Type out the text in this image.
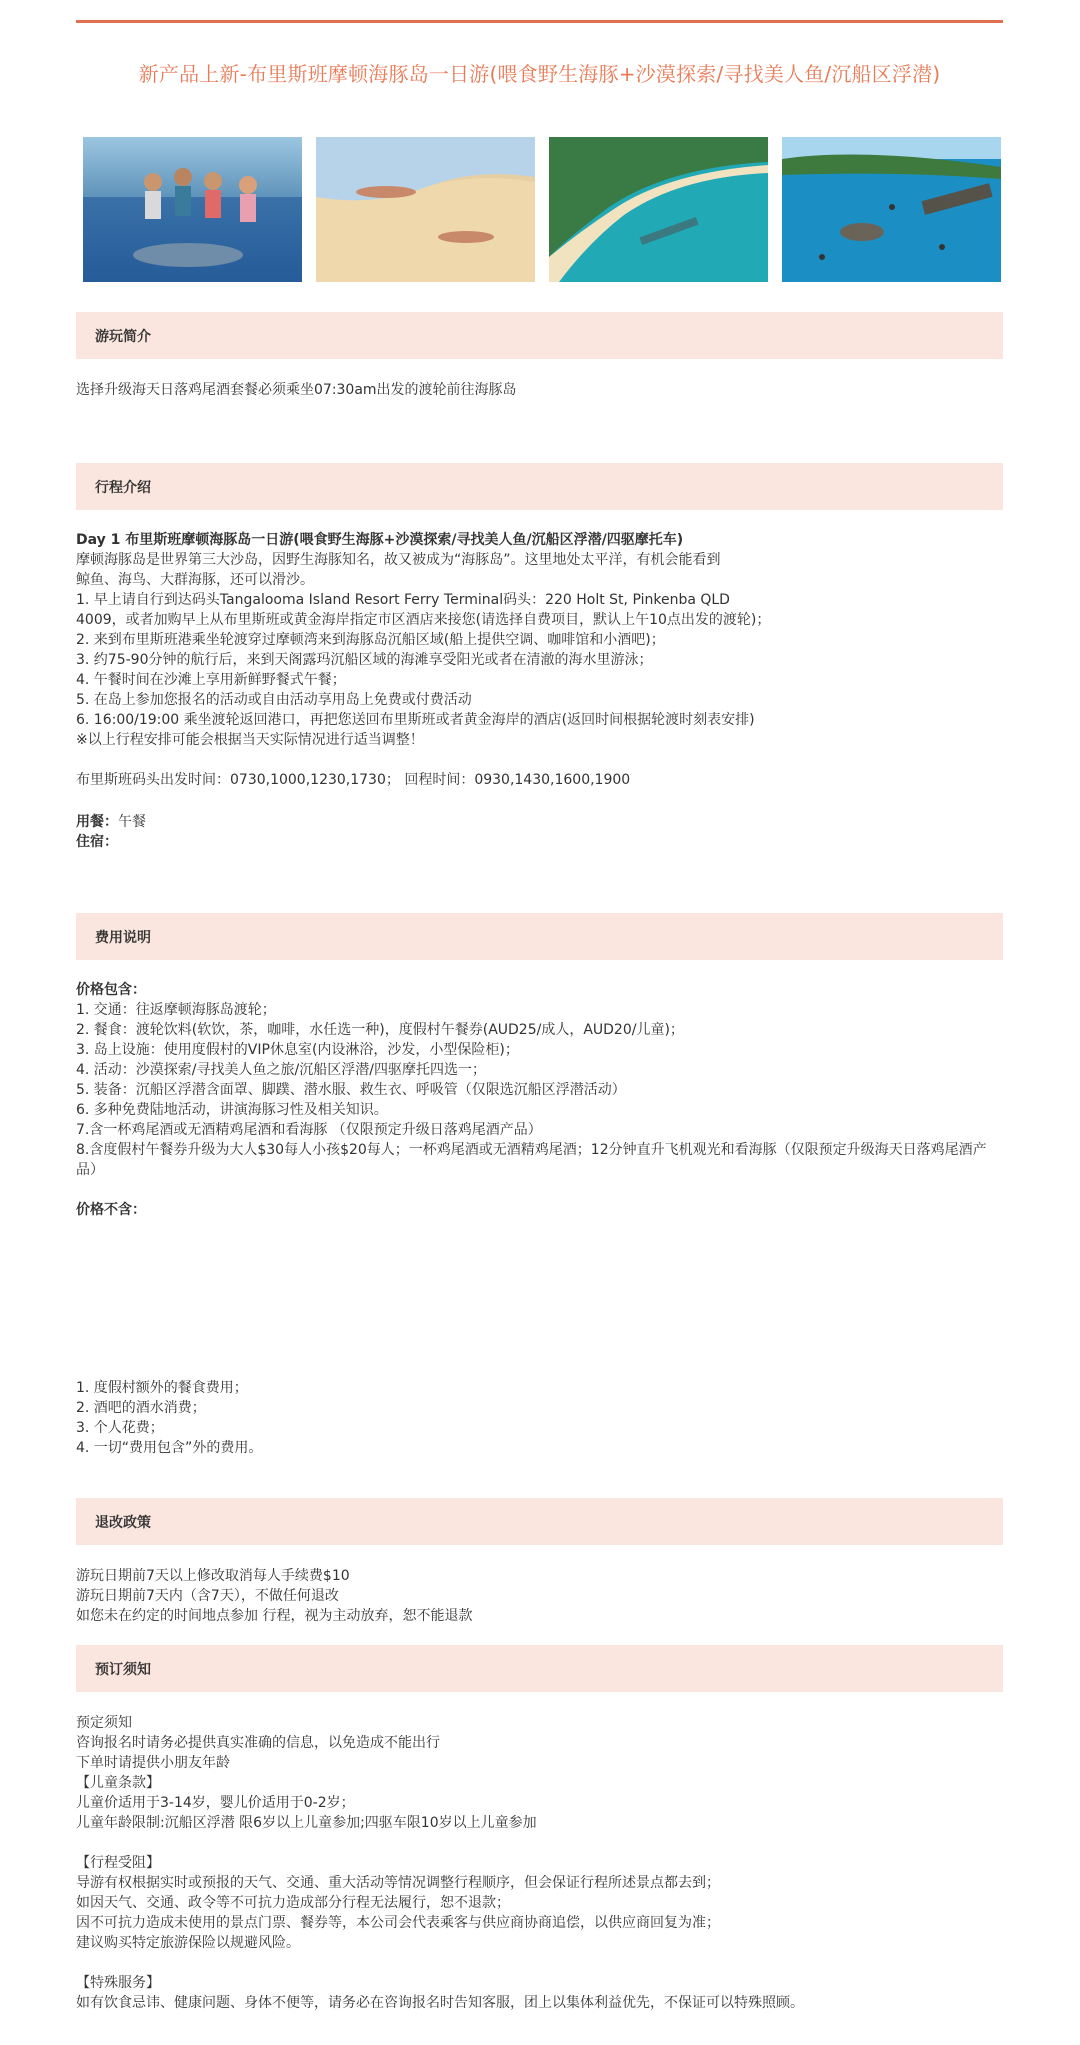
新产品上新-布里斯班摩顿海豚岛一日游(喂食野生海豚+沙漠探索/寻找美人鱼/沉船区浮潜)
游玩简介
选择升级海天日落鸡尾酒套餐必须乘坐07:30am出发的渡轮前往海豚岛
行程介绍
Day 1 布里斯班摩顿海豚岛一日游(喂食野生海豚+沙漠探索/寻找美人鱼/沉船区浮潜/四驱摩托车)
摩顿海豚岛是世界第三大沙岛，因野生海豚知名，故又被成为“海豚岛”。这里地处太平洋，有机会能看到
鲸鱼、海鸟、大群海豚，还可以滑沙。
1. 早上请自行到达码头Tangalooma Island Resort Ferry Terminal码头：220 Holt St, Pinkenba QLD
4009，或者加购早上从布里斯班或黄金海岸指定市区酒店来接您(请选择自费项目，默认上午10点出发的渡轮)；
2. 来到布里斯班港乘坐轮渡穿过摩顿湾来到海豚岛沉船区域(船上提供空调、咖啡馆和小酒吧)；
3. 约75-90分钟的航行后，来到天阁露玛沉船区域的海滩享受阳光或者在清澈的海水里游泳；
4. 午餐时间在沙滩上享用新鲜野餐式午餐；
5. 在岛上参加您报名的活动或自由活动享用岛上免费或付费活动
6. 16:00/19:00 乘坐渡轮返回港口，再把您送回布里斯班或者黄金海岸的酒店(返回时间根据轮渡时刻表安排)
※以上行程安排可能会根据当天实际情况进行适当调整！
布里斯班码头出发时间：0730,1000,1230,1730； 回程时间：0930,1430,1600,1900
用餐：午餐
住宿：
费用说明
价格包含：
1. 交通：往返摩顿海豚岛渡轮；
2. 餐食：渡轮饮料(软饮，茶，咖啡，水任选一种)，度假村午餐券(AUD25/成人，AUD20/儿童)；
3. 岛上设施：使用度假村的VIP休息室(内设淋浴，沙发，小型保险柜)；
4. 活动：沙漠探索/寻找美人鱼之旅/沉船区浮潜/四驱摩托四选一；
5. 装备：沉船区浮潜含面罩、脚蹼、潜水服、救生衣、呼吸管（仅限选沉船区浮潜活动）
6. 多种免费陆地活动，讲演海豚习性及相关知识。
7.含一杯鸡尾酒或无酒精鸡尾酒和看海豚 （仅限预定升级日落鸡尾酒产品）
8.含度假村午餐券升级为大人$30每人小孩$20每人；一杯鸡尾酒或无酒精鸡尾酒；12分钟直升飞机观光和看海豚（仅限预定升级海天日落鸡尾酒产品）
价格不含：
1. 度假村额外的餐食费用；
2. 酒吧的酒水消费；
3. 个人花费；
4. 一切“费用包含”外的费用。
退改政策
游玩日期前7天以上修改取消每人手续费$10
游玩日期前7天内（含7天），不做任何退改
如您未在约定的时间地点参加 行程，视为主动放弃，恕不能退款
预订须知
预定须知
咨询报名时请务必提供真实准确的信息，以免造成不能出行
下单时请提供小朋友年龄
【儿童条款】
儿童价适用于3-14岁，婴儿价适用于0-2岁；
儿童年龄限制:沉船区浮潜 限6岁以上儿童参加;四驱车限10岁以上儿童参加
【行程受阻】
导游有权根据实时或预报的天气、交通、重大活动等情况调整行程顺序，但会保证行程所述景点都去到；
如因天气、交通、政令等不可抗力造成部分行程无法履行，恕不退款；
因不可抗力造成未使用的景点门票、餐券等，本公司会代表乘客与供应商协商追偿，以供应商回复为准；
建议购买特定旅游保险以规避风险。
【特殊服务】
如有饮食忌讳、健康问题、身体不便等，请务必在咨询报名时告知客服，团上以集体利益优先，不保证可以特殊照顾。
